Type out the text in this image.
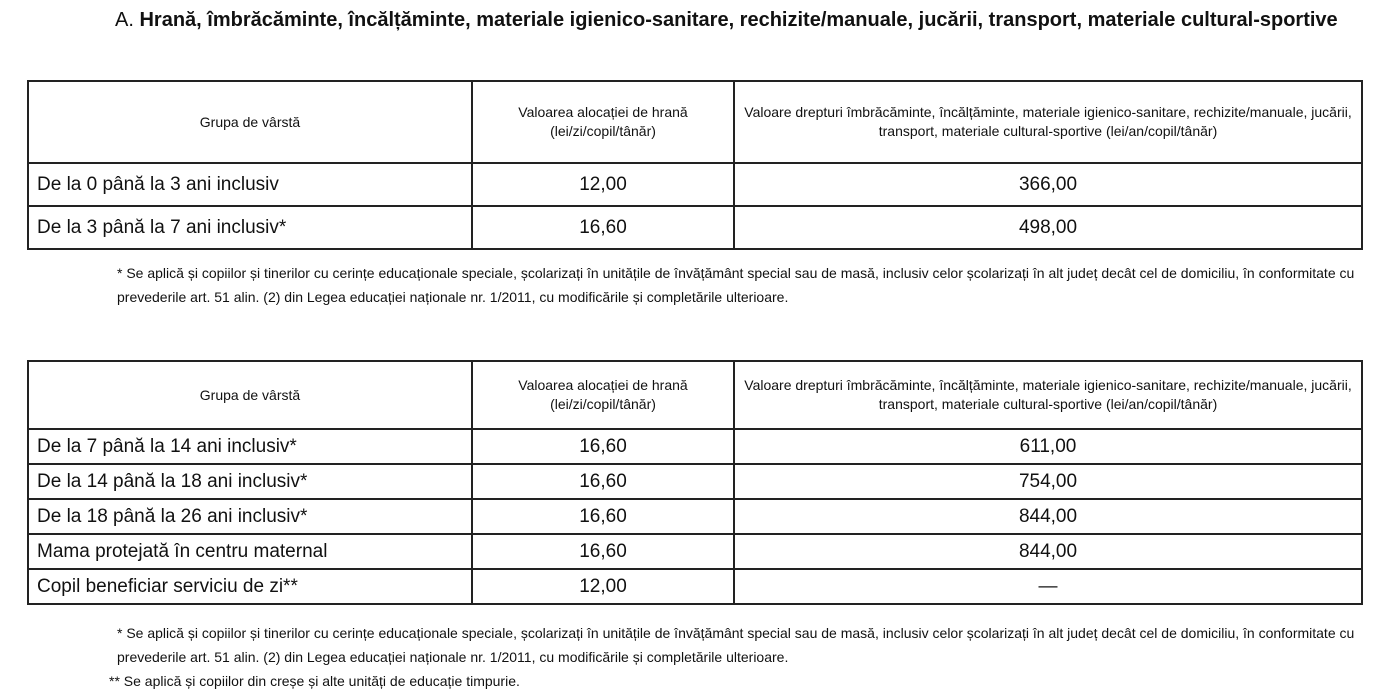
A. Hrană, îmbrăcăminte, încălțăminte, materiale igienico-sanitare, rechizite/manuale, jucării, transport, materiale cultural-sportive
Grupa de vârstă	Valoarea alocației de hrană (lei/zi/copil/tânăr)	Valoare drepturi îmbrăcăminte, încălțăminte, materiale igienico-sanitare, rechizite/manuale, jucării, transport, materiale cultural-sportive (lei/an/copil/tânăr)
De la 0 până la 3 ani inclusiv	12,00	366,00
De la 3 până la 7 ani inclusiv*	16,60	498,00
* Se aplică și copiilor și tinerilor cu cerințe educaționale speciale, școlarizați în unitățile de învățământ special sau de masă, inclusiv celor școlarizați în alt județ decât cel de domiciliu, în conformitate cu prevederile art. 51 alin. (2) din Legea educației naționale nr. 1/2011, cu modificările și completările ulterioare.
Grupa de vârstă	Valoarea alocației de hrană (lei/zi/copil/tânăr)	Valoare drepturi îmbrăcăminte, încălțăminte, materiale igienico-sanitare, rechizite/manuale, jucării, transport, materiale cultural-sportive (lei/an/copil/tânăr)
De la 7 până la 14 ani inclusiv*	16,60	611,00
De la 14 până la 18 ani inclusiv*	16,60	754,00
De la 18 până la 26 ani inclusiv*	16,60	844,00
Mama protejată în centru maternal	16,60	844,00
Copil beneficiar serviciu de zi**	12,00	—
* Se aplică și copiilor și tinerilor cu cerințe educaționale speciale, școlarizați în unitățile de învățământ special sau de masă, inclusiv celor școlarizați în alt județ decât cel de domiciliu, în conformitate cu prevederile art. 51 alin. (2) din Legea educației naționale nr. 1/2011, cu modificările și completările ulterioare.
** Se aplică și copiilor din creșe și alte unități de educație timpurie.
